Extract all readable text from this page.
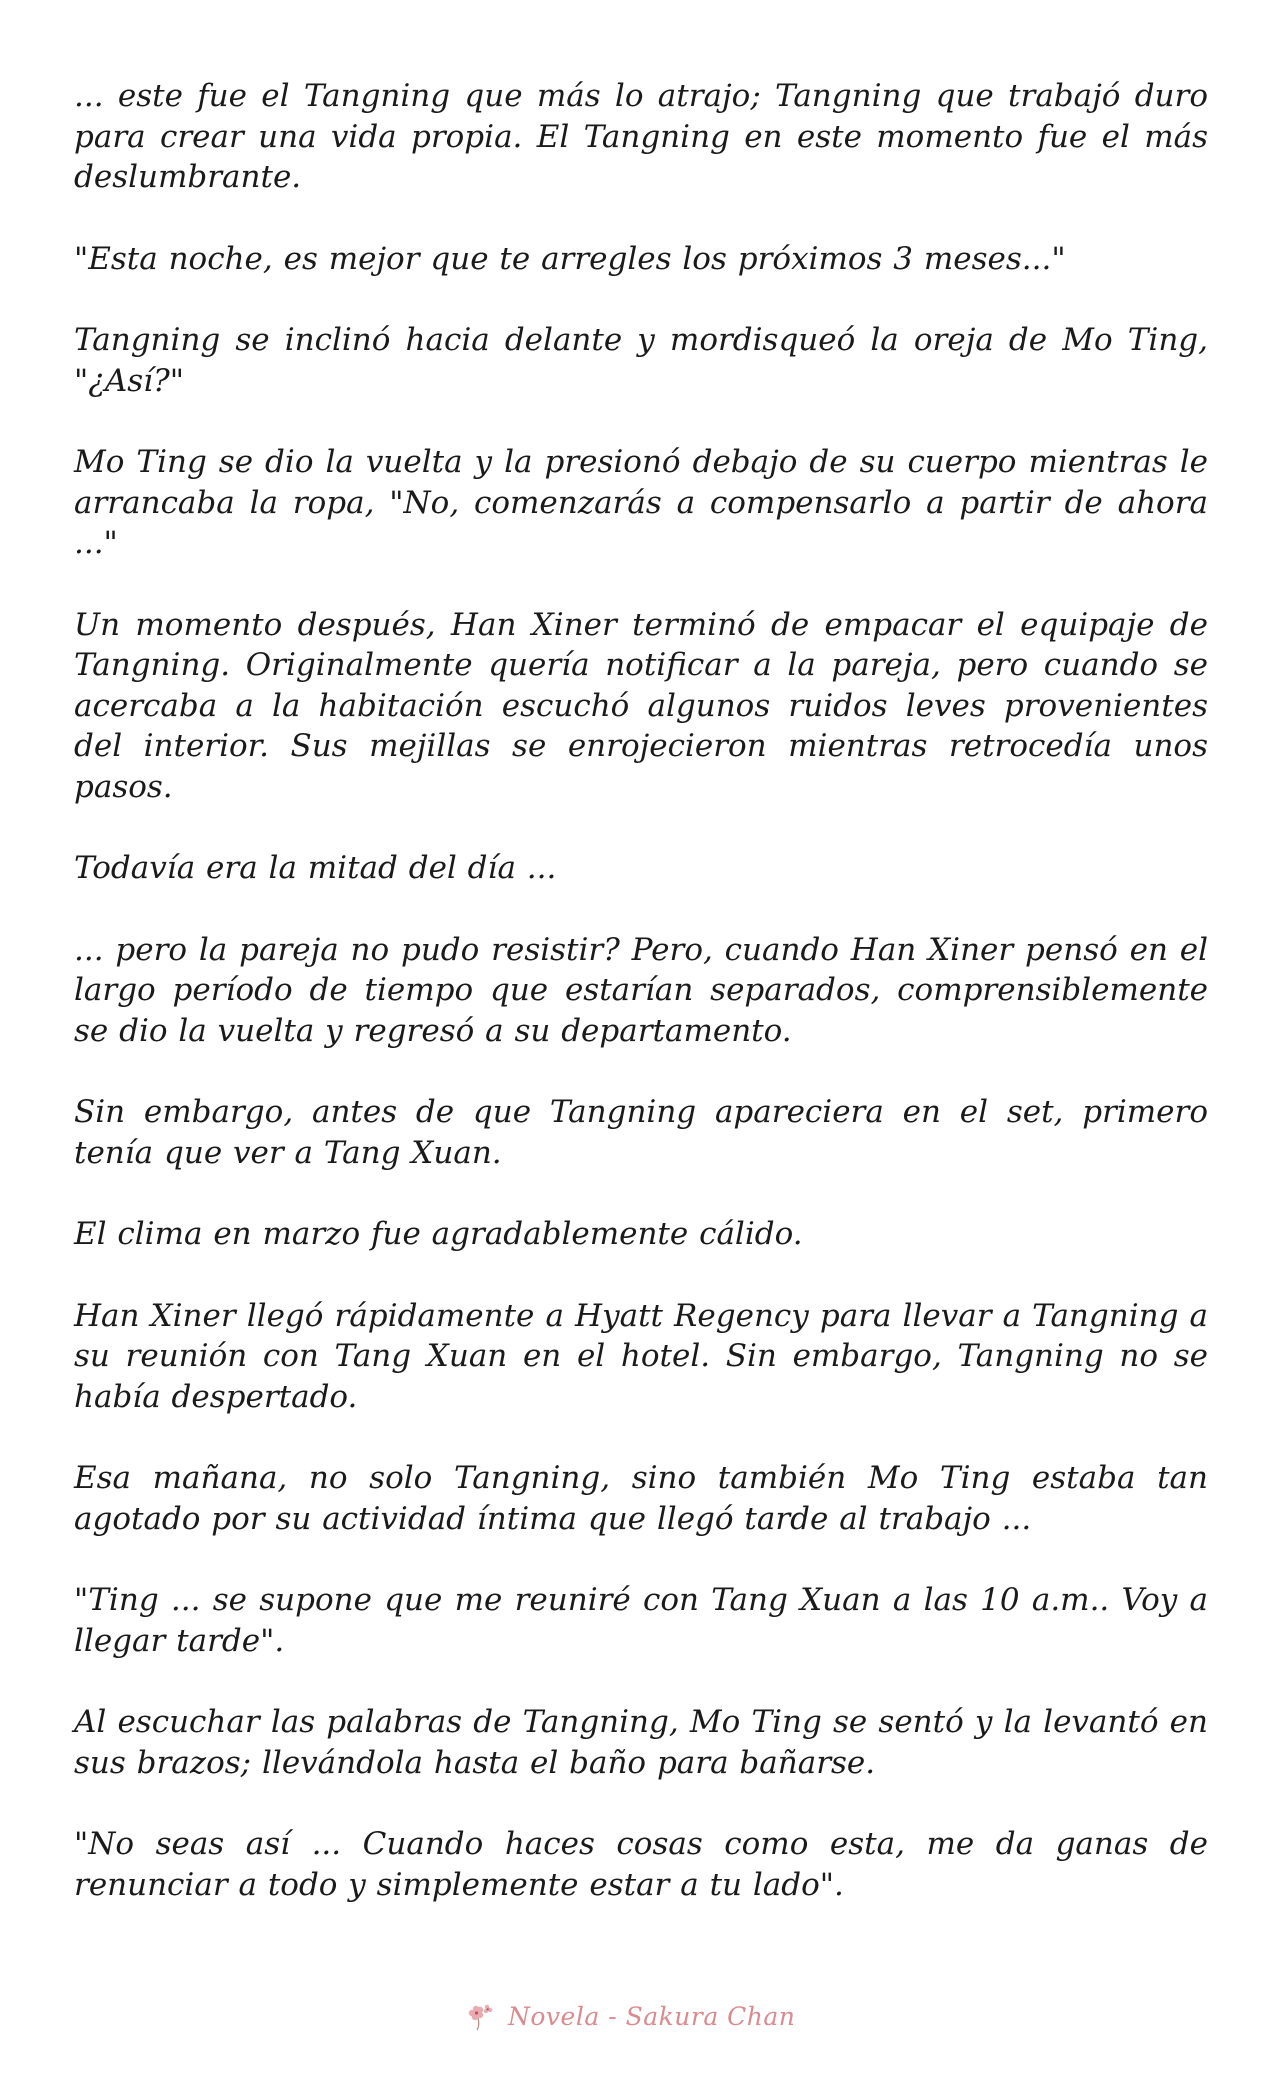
... este fue el Tangning que más lo atrajo; Tangning que trabajó duro para crear una vida propia. El Tangning en este momento fue el más deslumbrante.

"Esta noche, es mejor que te arregles los próximos 3 meses..."

Tangning se inclinó hacia delante y mordisqueó la oreja de Mo Ting, "¿Así?"

Mo Ting se dio la vuelta y la presionó debajo de su cuerpo mientras le arrancaba la ropa, "No, comenzarás a compensarlo a partir de ahora ..."

Un momento después, Han Xiner terminó de empacar el equipaje de Tangning. Originalmente quería notificar a la pareja, pero cuando se acercaba a la habitación escuchó algunos ruidos leves provenientes del interior. Sus mejillas se enrojecieron mientras retrocedía unos pasos.

Todavía era la mitad del día ...

... pero la pareja no pudo resistir? Pero, cuando Han Xiner pensó en el largo período de tiempo que estarían separados, comprensiblemente se dio la vuelta y regresó a su departamento.

Sin embargo, antes de que Tangning apareciera en el set, primero tenía que ver a Tang Xuan.

El clima en marzo fue agradablemente cálido.

Han Xiner llegó rápidamente a Hyatt Regency para llevar a Tangning a su reunión con Tang Xuan en el hotel. Sin embargo, Tangning no se había despertado.

Esa mañana, no solo Tangning, sino también Mo Ting estaba tan agotado por su actividad íntima que llegó tarde al trabajo ...

"Ting ... se supone que me reuniré con Tang Xuan a las 10 a.m.. Voy a llegar tarde".

Al escuchar las palabras de Tangning, Mo Ting se sentó y la levantó en sus brazos; llevándola hasta el baño para bañarse.

"No seas así ... Cuando haces cosas como esta, me da ganas de renunciar a todo y simplemente estar a tu lado".

Novela - Sakura Chan
